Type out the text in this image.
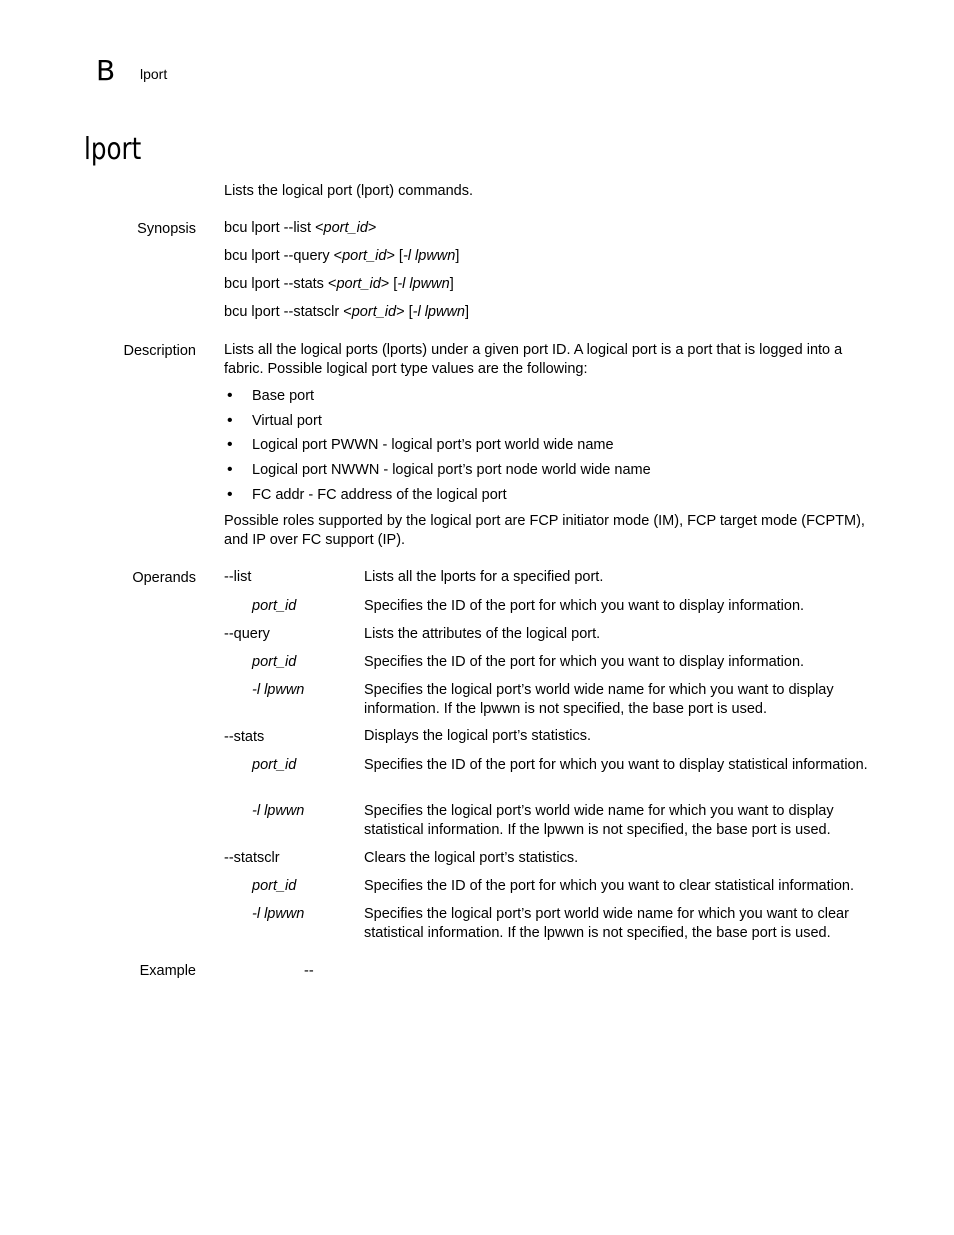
B lport
lport
Lists the logical port (lport) commands.
Synopsis bcu lport --list <port_id>
bcu lport --query <port_id> [-l lpwwn]
bcu lport --stats <port_id> [-l lpwwn]
bcu lport --statsclr <port_id> [-l lpwwn]
Description Lists all the logical ports (lports) under a given port ID. A logical port is a port that is logged into a fabric. Possible logical port type values are the following:
• Base port
• Virtual port
• Logical port PWWN - logical port’s port world wide name
• Logical port NWWN - logical port’s port node world wide name
• FC addr - FC address of the logical port
Possible roles supported by the logical port are FCP initiator mode (IM), FCP target mode (FCPTM), and IP over FC support (IP).
Operands --list	Lists all the lports for a specified port.
port_id	Specifies the ID of the port for which you want to display information.
--query	Lists the attributes of the logical port.
port_id	Specifies the ID of the port for which you want to display information.
-l lpwwn	Specifies the logical port’s world wide name for which you want to display information. If the lpwwn is not specified, the base port is used.
--stats	Displays the logical port’s statistics.
port_id	Specifies the ID of the port for which you want to display statistical information.
-l lpwwn	Specifies the logical port’s world wide name for which you want to display statistical information. If the lpwwn is not specified, the base port is used.
--statsclr	Clears the logical port’s statistics.
port_id	Specifies the ID of the port for which you want to clear statistical information.
-l lpwwn	Specifies the logical port’s port world wide name for which you want to clear statistical information. If the lpwwn is not specified, the base port is used.
Example	--
